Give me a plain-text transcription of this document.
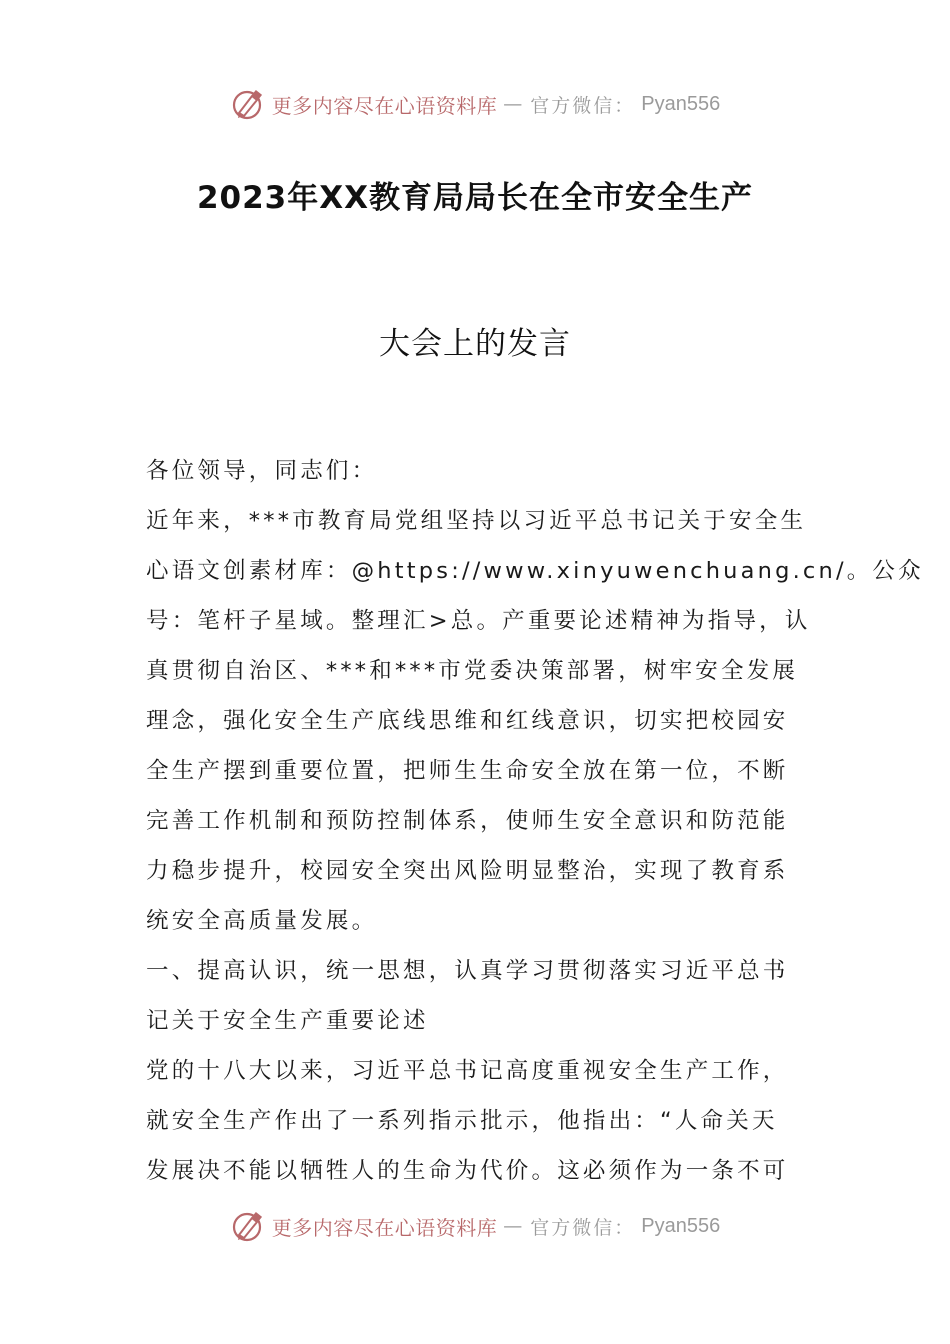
更多内容尽在心语资料库 — 官方微信： Pyan556
2023年XX教育局局长在全市安全生产
大会上的发言
各位领导，同志们：
近年来，***市教育局党组坚持以习近平总书记关于安全生
心语文创素材库：@https://www.xinyuwenchuang.cn/。公众
号：笔杆子星域。整理汇>总。产重要论述精神为指导，认
真贯彻自治区、***和***市党委决策部署，树牢安全发展
理念，强化安全生产底线思维和红线意识，切实把校园安
全生产摆到重要位置，把师生生命安全放在第一位，不断
完善工作机制和预防控制体系，使师生安全意识和防范能
力稳步提升，校园安全突出风险明显整治，实现了教育系
统安全高质量发展。
一、提高认识，统一思想，认真学习贯彻落实习近平总书
记关于安全生产重要论述
党的十八大以来，习近平总书记高度重视安全生产工作，
就安全生产作出了一系列指示批示，他指出：“人命关天
发展决不能以牺牲人的生命为代价。这必须作为一条不可
更多内容尽在心语资料库 — 官方微信： Pyan556
